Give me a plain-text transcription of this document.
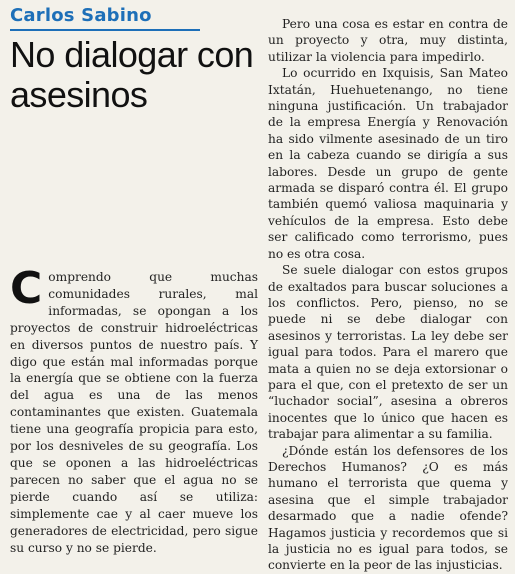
Carlos Sabino
No dialogar con asesinos

C omprendo que muchas comunidades rurales, mal informadas, se opongan a los proyectos de construir hidroeléctricas en diversos puntos de nuestro país. Y digo que están mal informadas porque la energía que se obtiene con la fuerza del agua es una de las menos contaminantes que existen. Guatemala tiene una geografía propicia para esto, por los desniveles de su geografía. Los que se oponen a las hidroeléctricas parecen no saber que el agua no se pierde cuando así se utiliza: simplemente cae y al caer mueve los generadores de electricidad, pero sigue su curso y no se pierde.

Pero una cosa es estar en contra de un proyecto y otra, muy distinta, utilizar la violencia para impedirlo.

Lo ocurrido en Ixquisis, San Mateo Ixtatán, Huehuetenango, no tiene ninguna justificación. Un trabajador de la empresa Energía y Renovación ha sido vilmente asesinado de un tiro en la cabeza cuando se dirigía a sus labores. Desde un grupo de gente armada se disparó contra él. El grupo también quemó valiosa maquinaria y vehículos de la empresa. Esto debe ser calificado como terrorismo, pues no es otra cosa.

Se suele dialogar con estos grupos de exaltados para buscar soluciones a los conflictos. Pero, pienso, no se puede ni se debe dialogar con asesinos y terroristas. La ley debe ser igual para todos. Para el marero que mata a quien no se deja extorsionar o para el que, con el pretexto de ser un “luchador social”, asesina a obreros inocentes que lo único que hacen es trabajar para alimentar a su familia.

¿Dónde están los defensores de los Derechos Humanos? ¿O es más humano el terrorista que quema y asesina que el simple trabajador desarmado que a nadie ofende? Hagamos justicia y recordemos que si la justicia no es igual para todos, se convierte en la peor de las injusticias.
